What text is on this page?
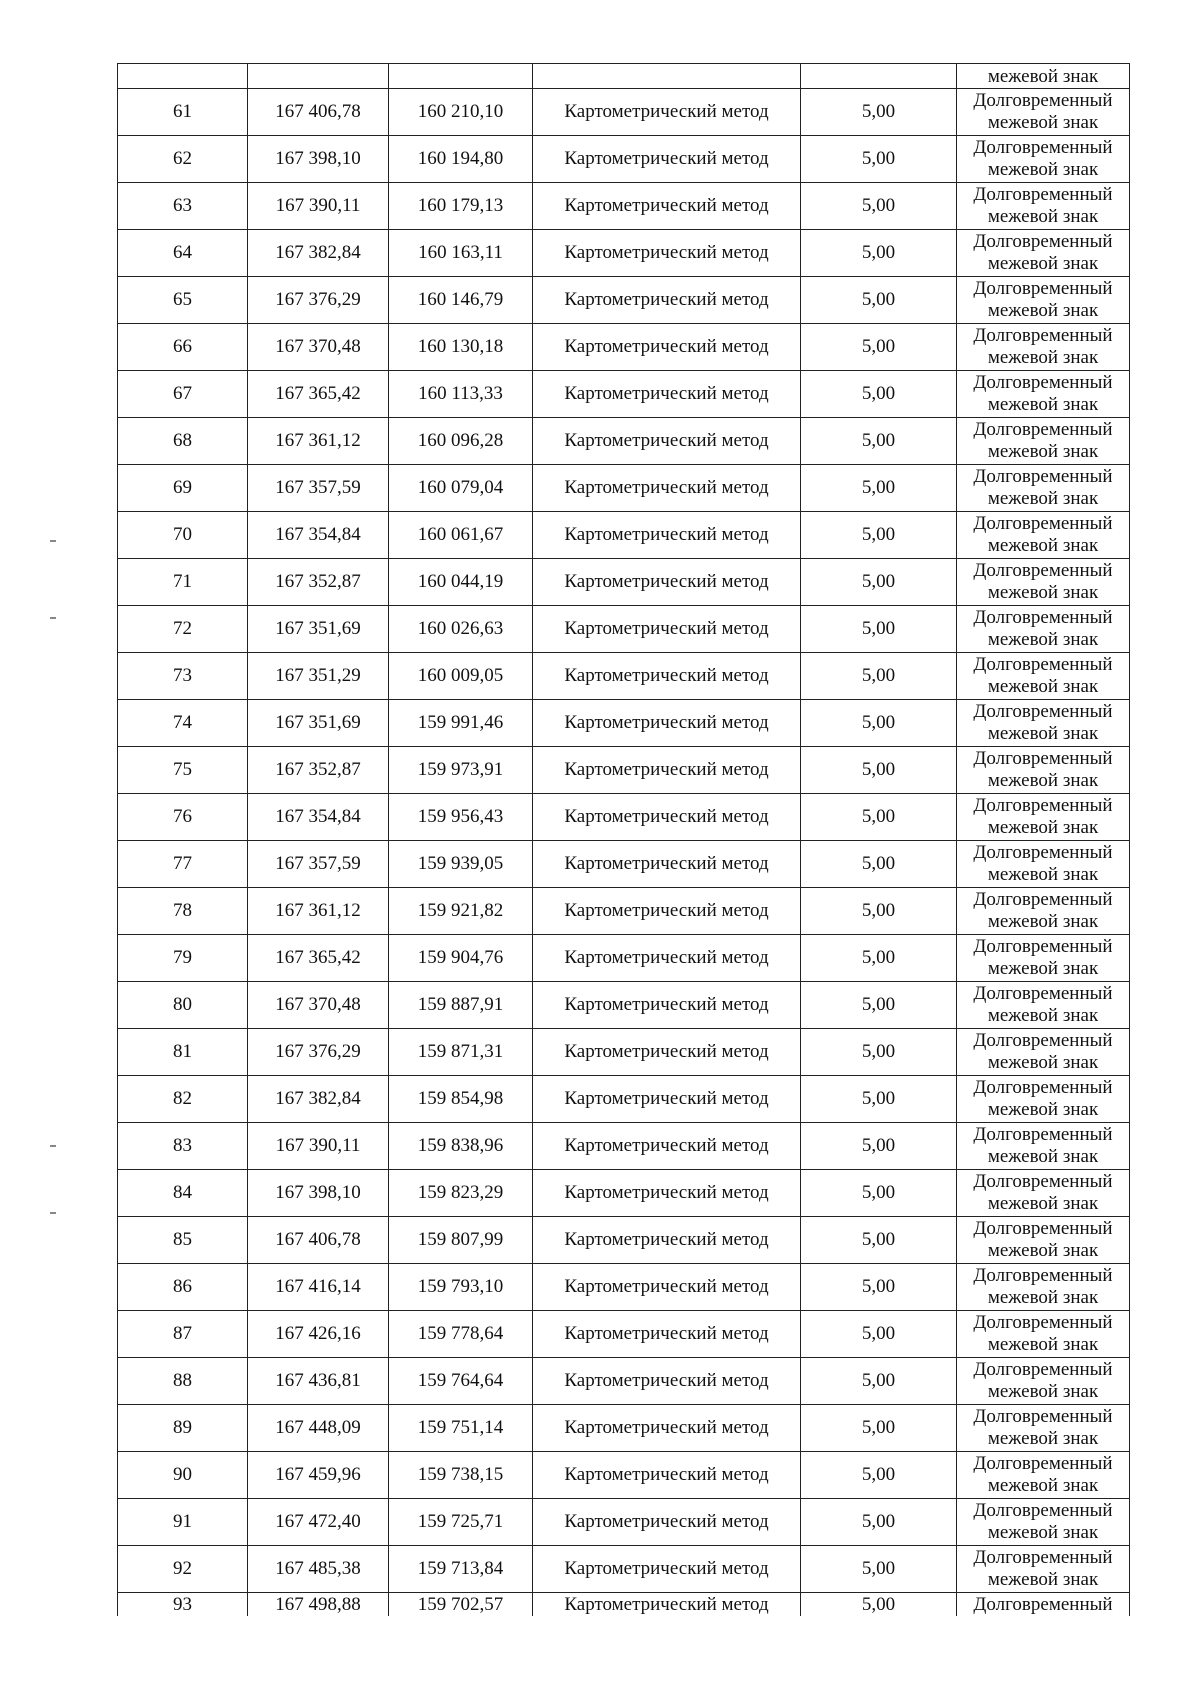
					межевой знак
61	167 406,78	160 210,10	Картометрический метод	5,00	Долговременный
межевой знак

62	167 398,10	160 194,80	Картометрический метод	5,00	Долговременный
межевой знак

63	167 390,11	160 179,13	Картометрический метод	5,00	Долговременный
межевой знак

64	167 382,84	160 163,11	Картометрический метод	5,00	Долговременный
межевой знак

65	167 376,29	160 146,79	Картометрический метод	5,00	Долговременный
межевой знак

66	167 370,48	160 130,18	Картометрический метод	5,00	Долговременный
межевой знак

67	167 365,42	160 113,33	Картометрический метод	5,00	Долговременный
межевой знак

68	167 361,12	160 096,28	Картометрический метод	5,00	Долговременный
межевой знак

69	167 357,59	160 079,04	Картометрический метод	5,00	Долговременный
межевой знак

70	167 354,84	160 061,67	Картометрический метод	5,00	Долговременный
межевой знак

71	167 352,87	160 044,19	Картометрический метод	5,00	Долговременный
межевой знак

72	167 351,69	160 026,63	Картометрический метод	5,00	Долговременный
межевой знак

73	167 351,29	160 009,05	Картометрический метод	5,00	Долговременный
межевой знак

74	167 351,69	159 991,46	Картометрический метод	5,00	Долговременный
межевой знак

75	167 352,87	159 973,91	Картометрический метод	5,00	Долговременный
межевой знак

76	167 354,84	159 956,43	Картометрический метод	5,00	Долговременный
межевой знак

77	167 357,59	159 939,05	Картометрический метод	5,00	Долговременный
межевой знак

78	167 361,12	159 921,82	Картометрический метод	5,00	Долговременный
межевой знак

79	167 365,42	159 904,76	Картометрический метод	5,00	Долговременный
межевой знак

80	167 370,48	159 887,91	Картометрический метод	5,00	Долговременный
межевой знак

81	167 376,29	159 871,31	Картометрический метод	5,00	Долговременный
межевой знак

82	167 382,84	159 854,98	Картометрический метод	5,00	Долговременный
межевой знак

83	167 390,11	159 838,96	Картометрический метод	5,00	Долговременный
межевой знак

84	167 398,10	159 823,29	Картометрический метод	5,00	Долговременный
межевой знак

85	167 406,78	159 807,99	Картометрический метод	5,00	Долговременный
межевой знак

86	167 416,14	159 793,10	Картометрический метод	5,00	Долговременный
межевой знак

87	167 426,16	159 778,64	Картометрический метод	5,00	Долговременный
межевой знак

88	167 436,81	159 764,64	Картометрический метод	5,00	Долговременный
межевой знак

89	167 448,09	159 751,14	Картометрический метод	5,00	Долговременный
межевой знак

90	167 459,96	159 738,15	Картометрический метод	5,00	Долговременный
межевой знак

91	167 472,40	159 725,71	Картометрический метод	5,00	Долговременный
межевой знак

92	167 485,38	159 713,84	Картометрический метод	5,00	Долговременный
межевой знак

93	167 498,88	159 702,57	Картометрический метод	5,00	Долговременный
